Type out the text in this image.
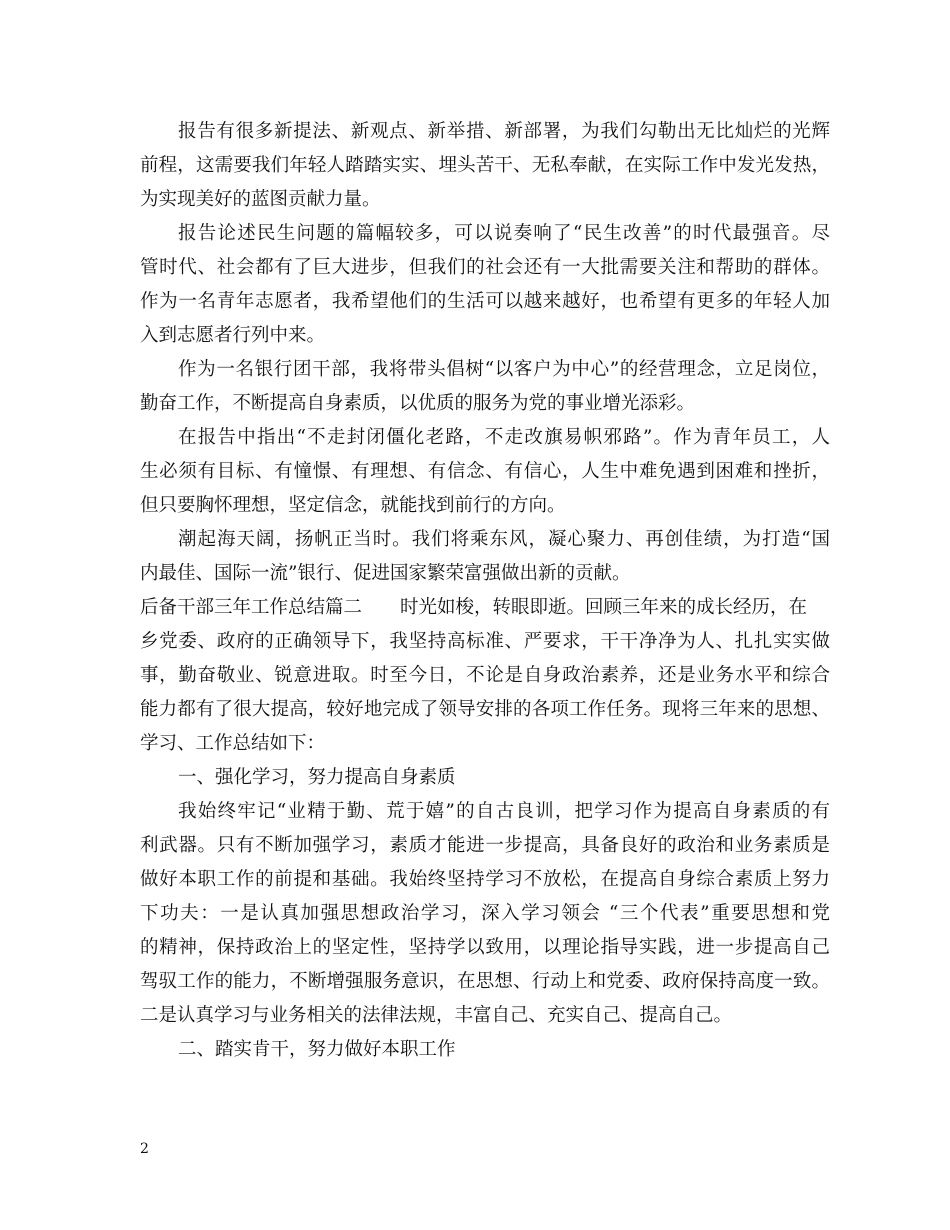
报告有很多新提法、新观点、新举措、新部署，为我们勾勒出无比灿烂的光辉
前程，这需要我们年轻人踏踏实实、埋头苦干、无私奉献，在实际工作中发光发热，
为实现美好的蓝图贡献力量。
报告论述民生问题的篇幅较多，可以说奏响了“民生改善”的时代最强音。尽
管时代、社会都有了巨大进步，但我们的社会还有一大批需要关注和帮助的群体。
作为一名青年志愿者，我希望他们的生活可以越来越好，也希望有更多的年轻人加
入到志愿者行列中来。
作为一名银行团干部，我将带头倡树“以客户为中心”的经营理念，立足岗位，
勤奋工作，不断提高自身素质，以优质的服务为党的事业增光添彩。
在报告中指出“不走封闭僵化老路，不走改旗易帜邪路”。作为青年员工，人
生必须有目标、有憧憬、有理想、有信念、有信心，人生中难免遇到困难和挫折，
但只要胸怀理想，坚定信念，就能找到前行的方向。
潮起海天阔，扬帆正当时。我们将乘东风，凝心聚力、再创佳绩，为打造“国
内最佳、国际一流”银行、促进国家繁荣富强做出新的贡献。
后备干部三年工作总结篇二 时光如梭，转眼即逝。回顾三年来的成长经历，在
乡党委、政府的正确领导下，我坚持高标准、严要求，干干净净为人、扎扎实实做
事，勤奋敬业、锐意进取。时至今日，不论是自身政治素养，还是业务水平和综合
能力都有了很大提高，较好地完成了领导安排的各项工作任务。现将三年来的思想、
学习、工作总结如下：
一、强化学习，努力提高自身素质
我始终牢记“业精于勤、荒于嬉”的自古良训，把学习作为提高自身素质的有
利武器。只有不断加强学习，素质才能进一步提高，具备良好的政治和业务素质是
做好本职工作的前提和基础。我始终坚持学习不放松，在提高自身综合素质上努力
下功夫：一是认真加强思想政治学习，深入学习领会 “三个代表”重要思想和党
的精神，保持政治上的坚定性，坚持学以致用，以理论指导实践，进一步提高自己
驾驭工作的能力，不断增强服务意识，在思想、行动上和党委、政府保持高度一致。
二是认真学习与业务相关的法律法规，丰富自己、充实自己、提高自己。
二、踏实肯干，努力做好本职工作
2
